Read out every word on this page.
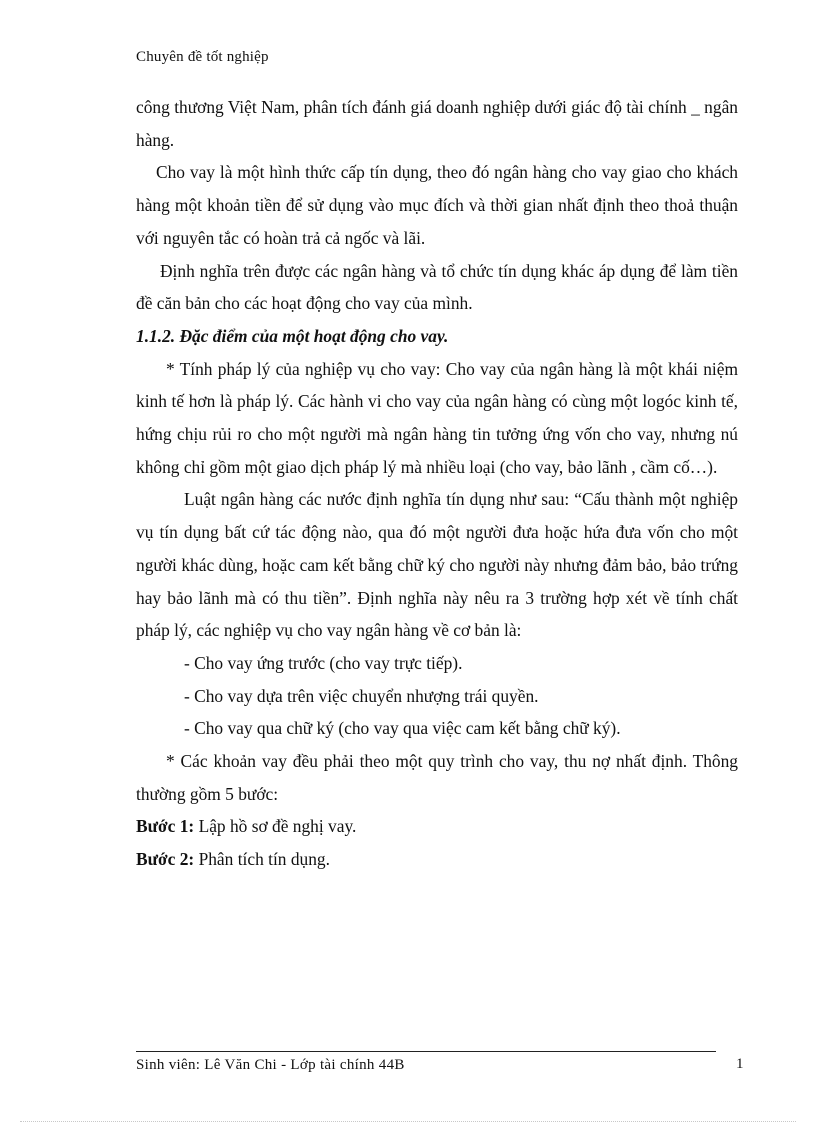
Chuyên đề tốt nghiệp

công thương Việt Nam, phân tích đánh giá doanh nghiệp dưới giác độ tài chính _ ngân hàng.

Cho vay là một hình thức cấp tín dụng, theo đó ngân hàng cho vay giao cho khách hàng một khoản tiền để sử dụng vào mục đích và thời gian nhất định theo thoả thuận với nguyên tắc có hoàn trả cả ngốc và lãi.

Định nghĩa trên được các ngân hàng và tổ chức tín dụng khác áp dụng để làm tiền đề căn bản cho các hoạt động cho vay của mình.

1.1.2. Đặc điểm của một hoạt động cho vay.

* Tính pháp lý của nghiệp vụ cho vay: Cho vay của ngân hàng là một khái niệm kinh tế hơn là pháp lý. Các hành vi cho vay của ngân hàng có cùng một logóc kinh tế, hứng chịu rủi ro cho một người mà ngân hàng tin tưởng ứng vốn cho vay, nhưng nú không chỉ gồm một giao dịch pháp lý mà nhiều loại (cho vay, bảo lãnh , cầm cố…).

Luật ngân hàng các nước định nghĩa tín dụng như sau: “Cấu thành một nghiệp vụ tín dụng bất cứ tác động nào, qua đó một người đưa hoặc hứa đưa vốn cho một người khác dùng, hoặc cam kết bằng chữ ký cho người này nhưng đảm bảo, bảo trứng hay bảo lãnh mà có thu tiền”. Định nghĩa này nêu ra 3 trường hợp xét về tính chất pháp lý, các nghiệp vụ cho vay ngân hàng về cơ bản là:

- Cho vay ứng trước (cho vay trực tiếp).

- Cho vay dựa trên việc chuyển nhượng trái quyền.

- Cho vay qua chữ ký (cho vay qua việc cam kết bằng chữ ký).

* Các khoản vay đều phải theo một quy trình cho vay, thu nợ nhất định. Thông thường gồm 5 bước:

Bước 1: Lập hồ sơ đề nghị vay.

Bước 2: Phân tích tín dụng.

Sinh viên: Lê Văn Chi - Lớp tài chính 44B	1
